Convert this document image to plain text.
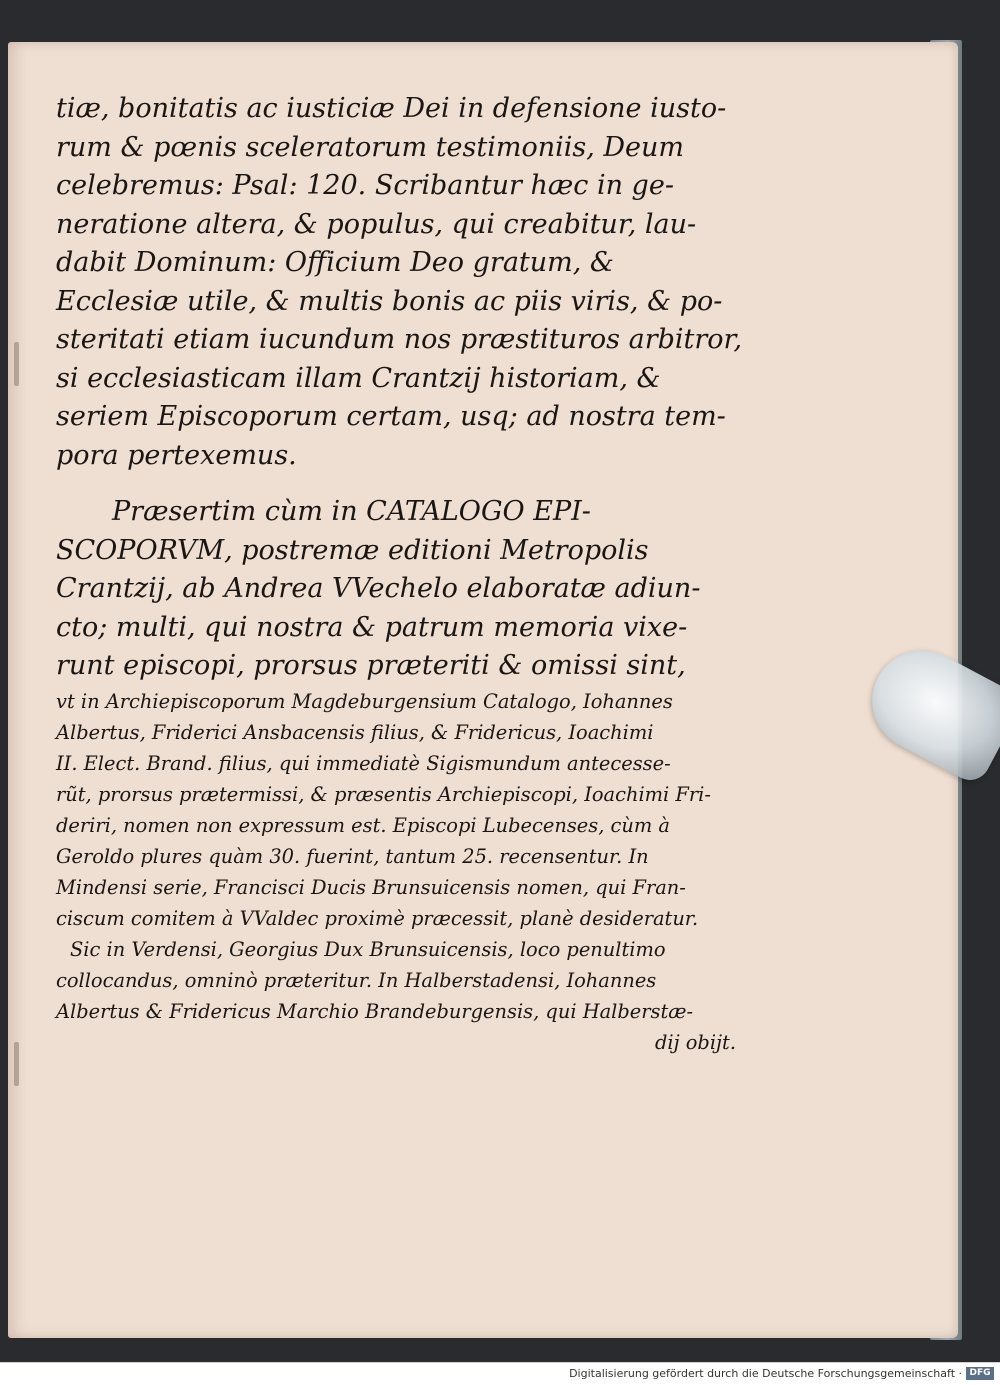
tiæ, bonitatis ac iusticiæ Dei in defensione iusto-
rum & pœnis sceleratorum testimoniis, Deum
celebremus: Psal: 120. Scribantur hæc in ge-
neratione altera, & populus, qui creabitur, lau-
dabit Dominum: Officium Deo gratum, &
Ecclesiæ utile, & multis bonis ac piis viris, & po-
steritati etiam iucundum nos præstituros arbitror,
si ecclesiasticam illam Crantzij historiam, &
seriem Episcoporum certam, usq; ad nostra tem-
pora pertexemus.

Præsertim cùm in CATALOGO EPI-
SCOPORVM, postremæ editioni Metropolis
Crantzij, ab Andrea VVechelo elaboratæ adiun-
cto; multi, qui nostra & patrum memoria vixe-
runt episcopi, prorsus præteriti & omissi sint,

vt in Archiepiscoporum Magdeburgensium Catalogo, Iohannes
Albertus, Friderici Ansbacensis filius, & Fridericus, Ioachimi
II. Elect. Brand. filius, qui immediatè Sigismundum antecesse-
rũt, prorsus prætermissi, & præsentis Archiepiscopi, Ioachimi Fri-
deriri, nomen non expressum est. Episcopi Lubecenses, cùm à
Geroldo plures quàm 30. fuerint, tantum 25. recensentur. In
Mindensi serie, Francisci Ducis Brunsuicensis nomen, qui Fran-
ciscum comitem à VValdec proximè præcessit, planè desideratur.

Sic in Verdensi, Georgius Dux Brunsuicensis, loco penultimo
collocandus, omninò præteritur. In Halberstadensi, Iohannes
Albertus & Fridericus Marchio Brandeburgensis, qui Halberstæ-
dij obijt.

Digitalisierung gefördert durch die Deutsche Forschungsgemeinschaft · DFG
